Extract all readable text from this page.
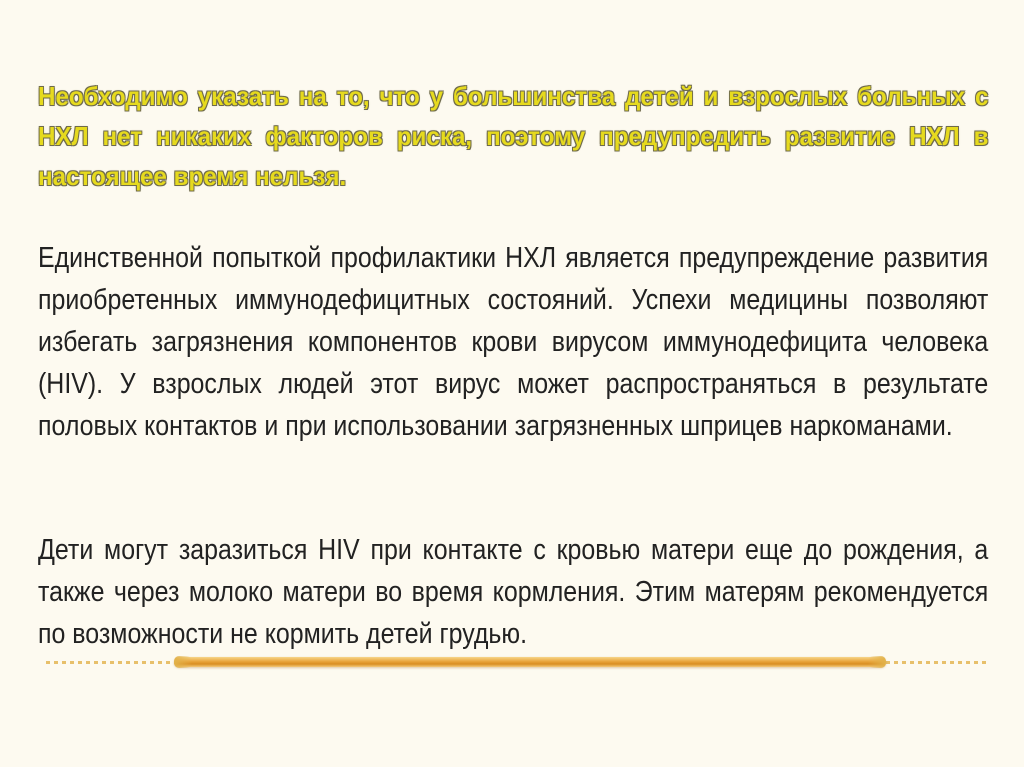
Необходимо указать на то, что у большинства детей и взрослых больных с НХЛ нет никаких факторов риска, поэтому предупредить развитие НХЛ в настоящее время нельзя.

Единственной попыткой профилактики НХЛ является предупреждение развития приобретенных иммунодефицитных состояний. Успехи медицины позволяют избегать загрязнения компонентов крови вирусом иммунодефицита человека (HIV). У взрослых людей этот вирус может распространяться в результате половых контактов и при использовании загрязненных шприцев наркоманами.

Дети могут заразиться HIV при контакте с кровью матери еще до рождения, а также через молоко матери во время кормления. Этим матерям рекомендуется по возможности не кормить детей грудью.
